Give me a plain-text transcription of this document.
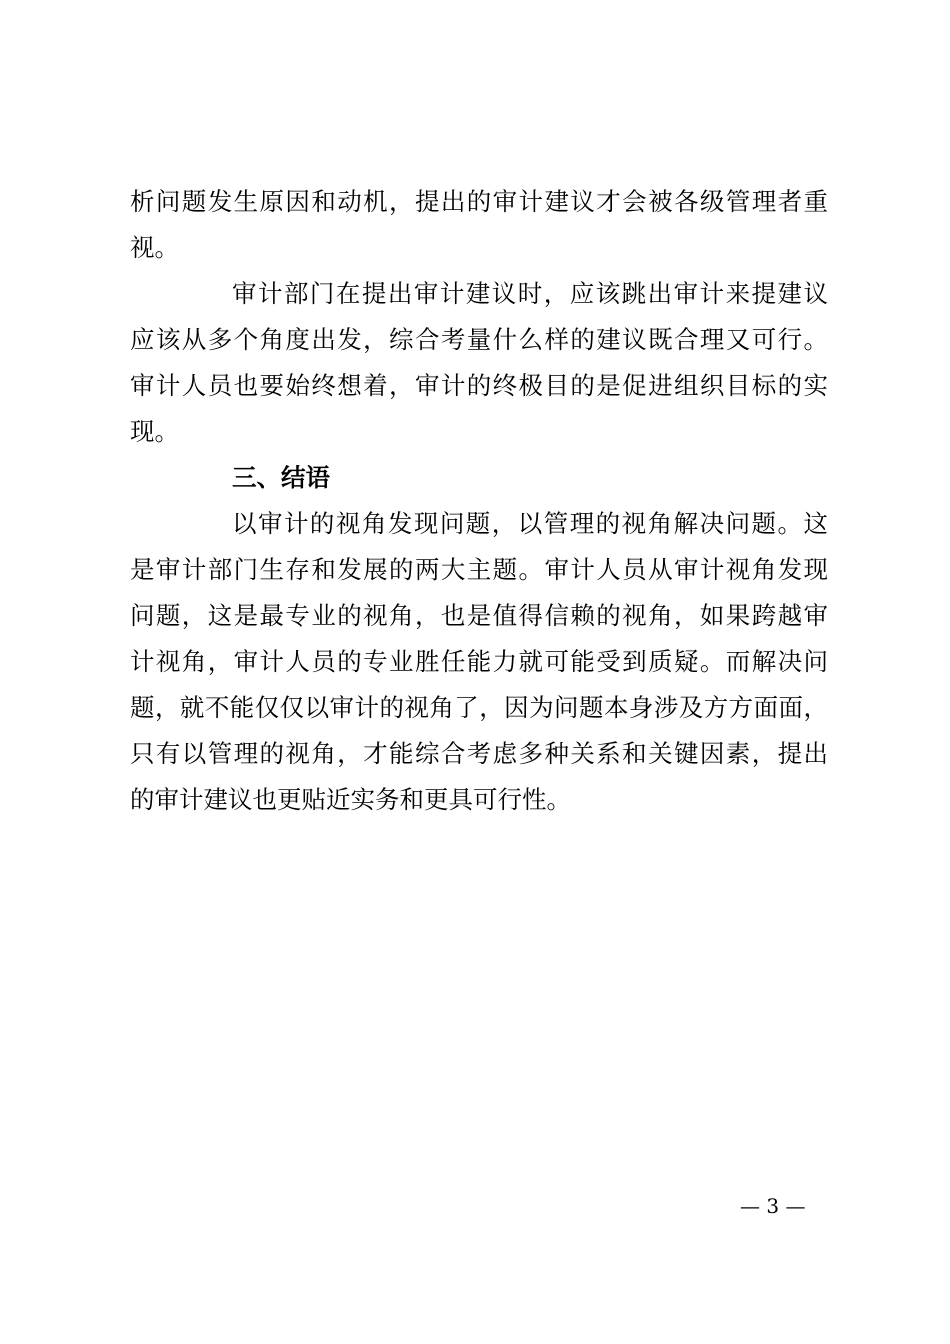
析问题发生原因和动机，提出的审计建议才会被各级管理者重
视。
审计部门在提出审计建议时，应该跳出审计来提建议
应该从多个角度出发，综合考量什么样的建议既合理又可行。
审计人员也要始终想着，审计的终极目的是促进组织目标的实
现。
三、结语
以审计的视角发现问题，以管理的视角解决问题。这
是审计部门生存和发展的两大主题。审计人员从审计视角发现
问题，这是最专业的视角，也是值得信赖的视角，如果跨越审
计视角，审计人员的专业胜任能力就可能受到质疑。而解决问
题，就不能仅仅以审计的视角了，因为问题本身涉及方方面面，
只有以管理的视角，才能综合考虑多种关系和关键因素，提出
的审计建议也更贴近实务和更具可行性。
— 3 —
